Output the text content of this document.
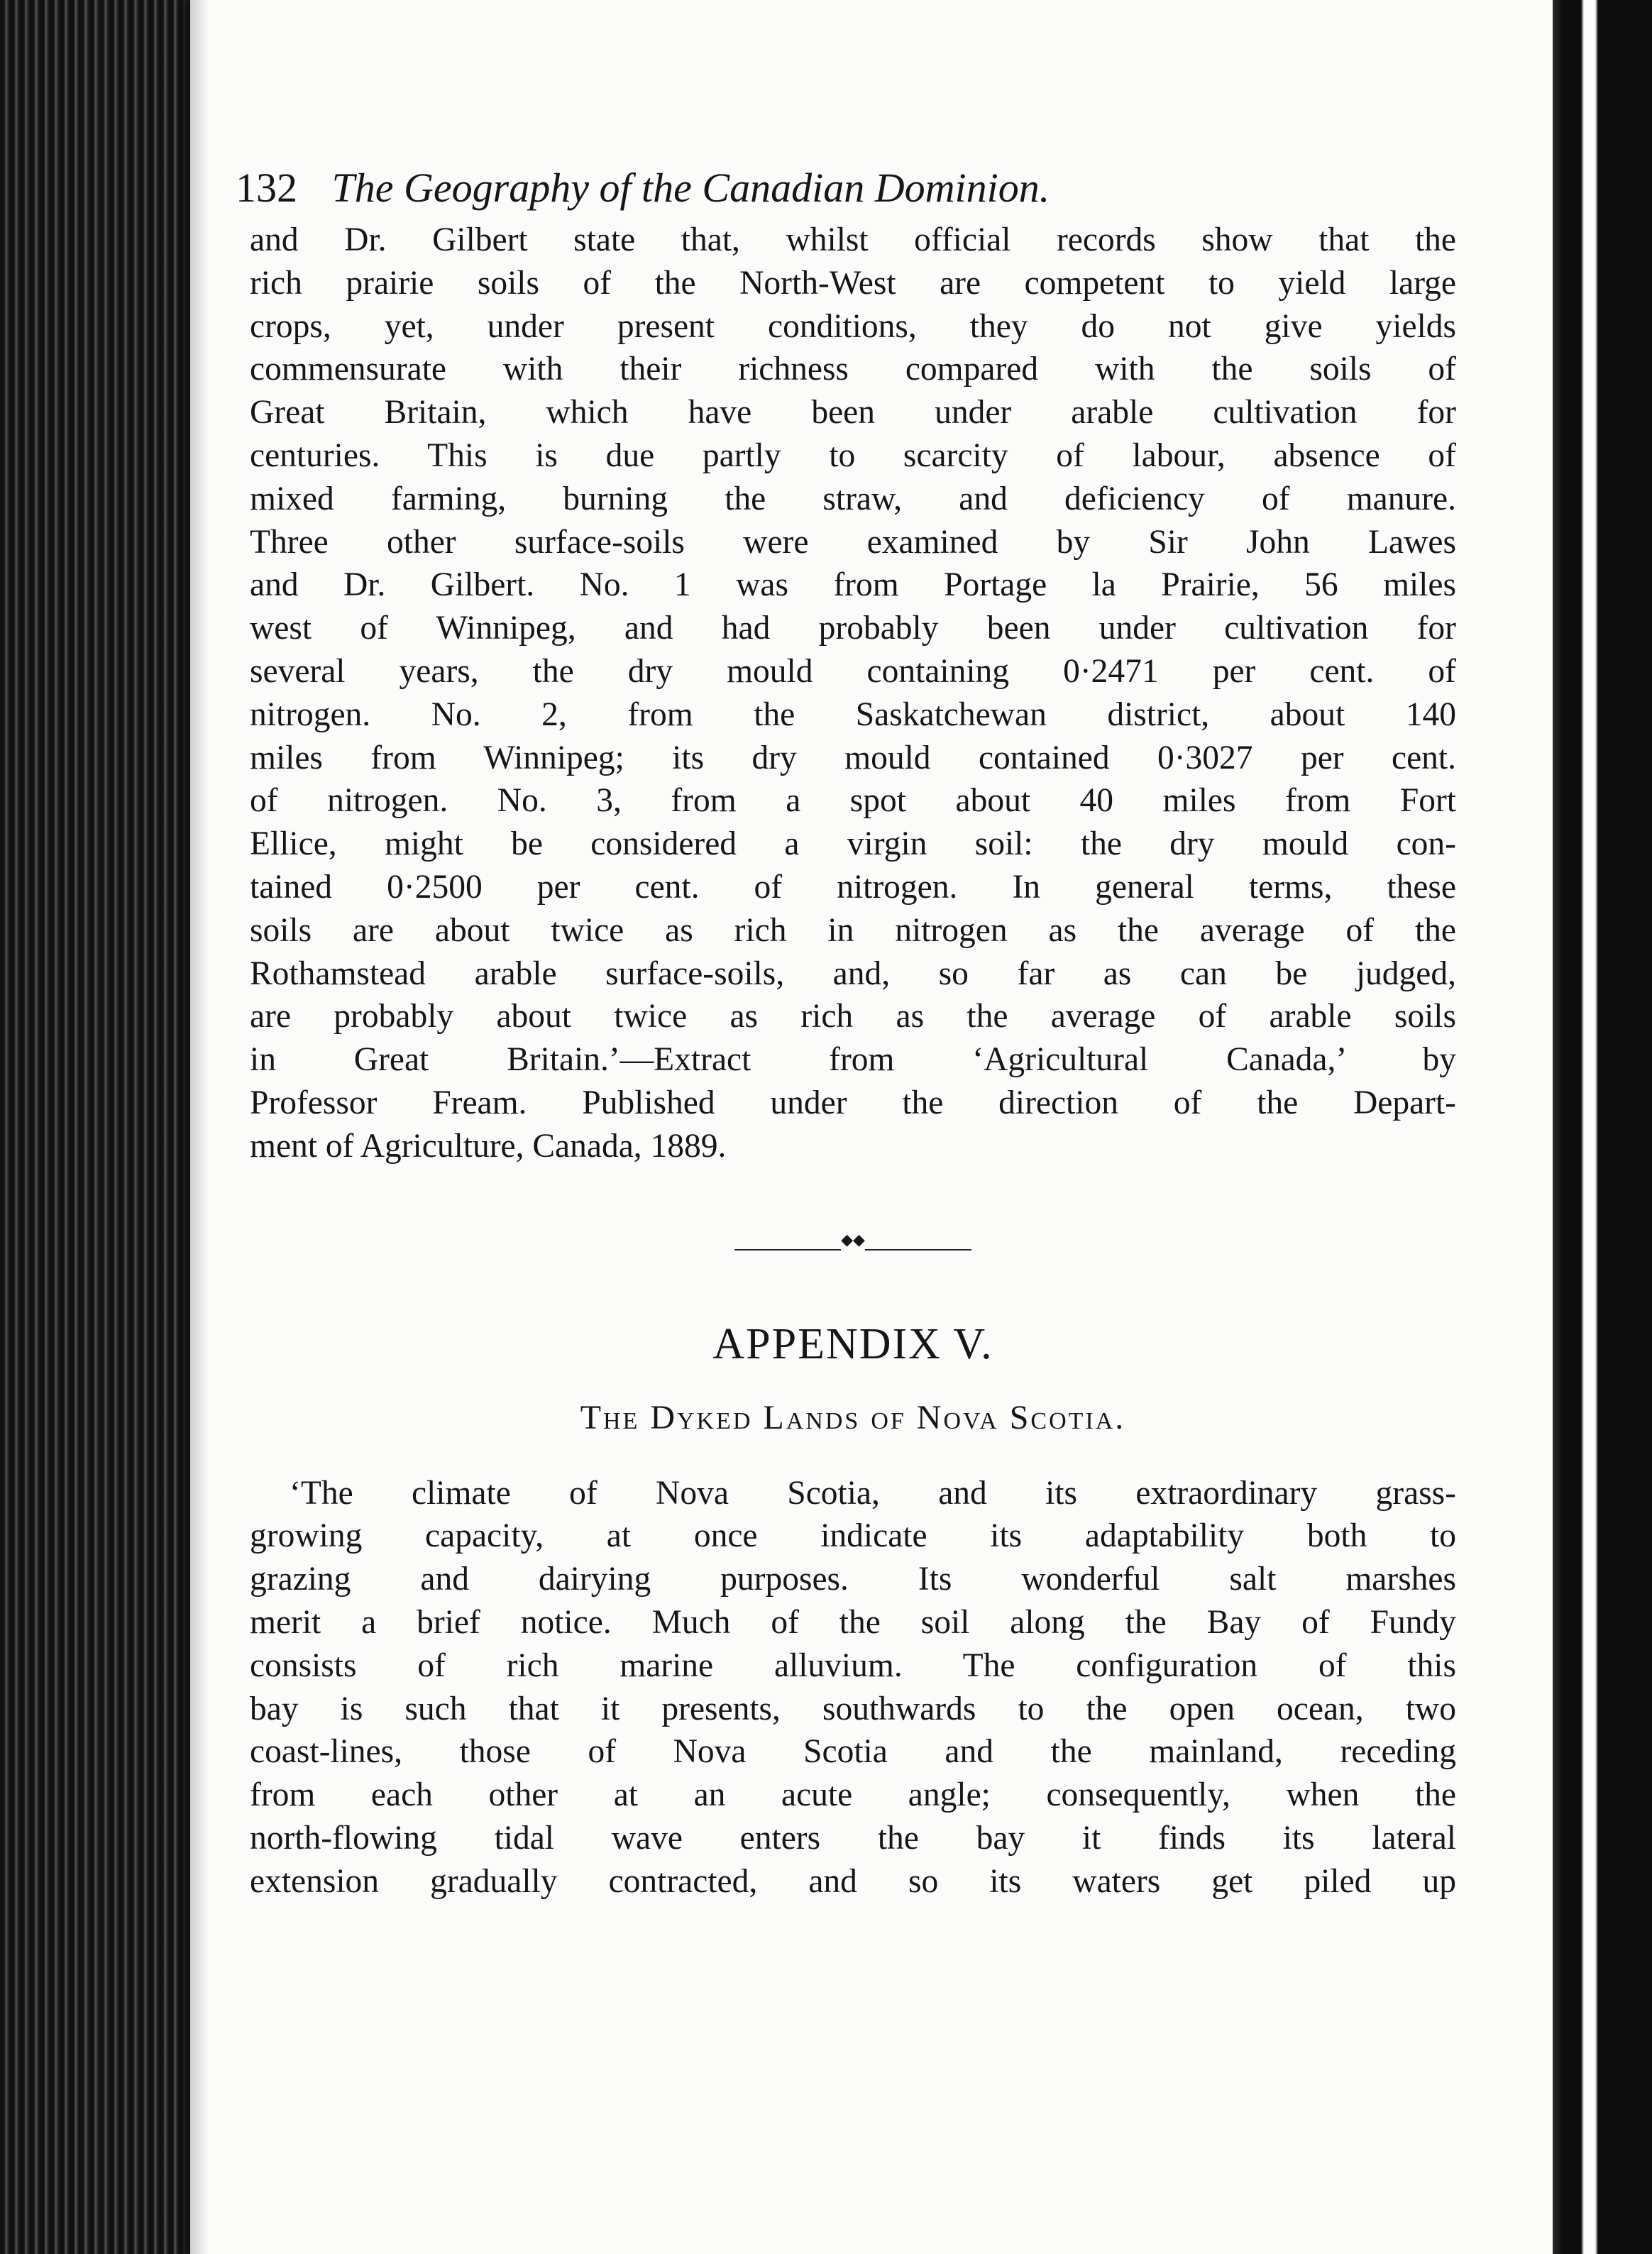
132 The Geography of the Canadian Dominion.
and Dr. Gilbert state that, whilst official records show that the
rich prairie soils of the North-West are competent to yield large
crops, yet, under present conditions, they do not give yields
commensurate with their richness compared with the soils of
Great Britain, which have been under arable cultivation for
centuries. This is due partly to scarcity of labour, absence of
mixed farming, burning the straw, and deficiency of manure.
Three other surface-soils were examined by Sir John Lawes
and Dr. Gilbert. No. 1 was from Portage la Prairie, 56 miles
west of Winnipeg, and had probably been under cultivation for
several years, the dry mould containing 0·2471 per cent. of
nitrogen. No. 2, from the Saskatchewan district, about 140
miles from Winnipeg; its dry mould contained 0·3027 per cent.
of nitrogen. No. 3, from a spot about 40 miles from Fort
Ellice, might be considered a virgin soil: the dry mould con-
tained 0·2500 per cent. of nitrogen. In general terms, these
soils are about twice as rich in nitrogen as the average of the
Rothamstead arable surface-soils, and, so far as can be judged,
are probably about twice as rich as the average of arable soils
in Great Britain.’—Extract from ‘Agricultural Canada,’ by
Professor Fream. Published under the direction of the Depart-
ment of Agriculture, Canada, 1889.
◆◆
APPENDIX V.
The Dyked Lands of Nova Scotia.
‘The climate of Nova Scotia, and its extraordinary grass-
growing capacity, at once indicate its adaptability both to
grazing and dairying purposes. Its wonderful salt marshes
merit a brief notice. Much of the soil along the Bay of Fundy
consists of rich marine alluvium. The configuration of this
bay is such that it presents, southwards to the open ocean, two
coast-lines, those of Nova Scotia and the mainland, receding
from each other at an acute angle; consequently, when the
north-flowing tidal wave enters the bay it finds its lateral
extension gradually contracted, and so its waters get piled up
